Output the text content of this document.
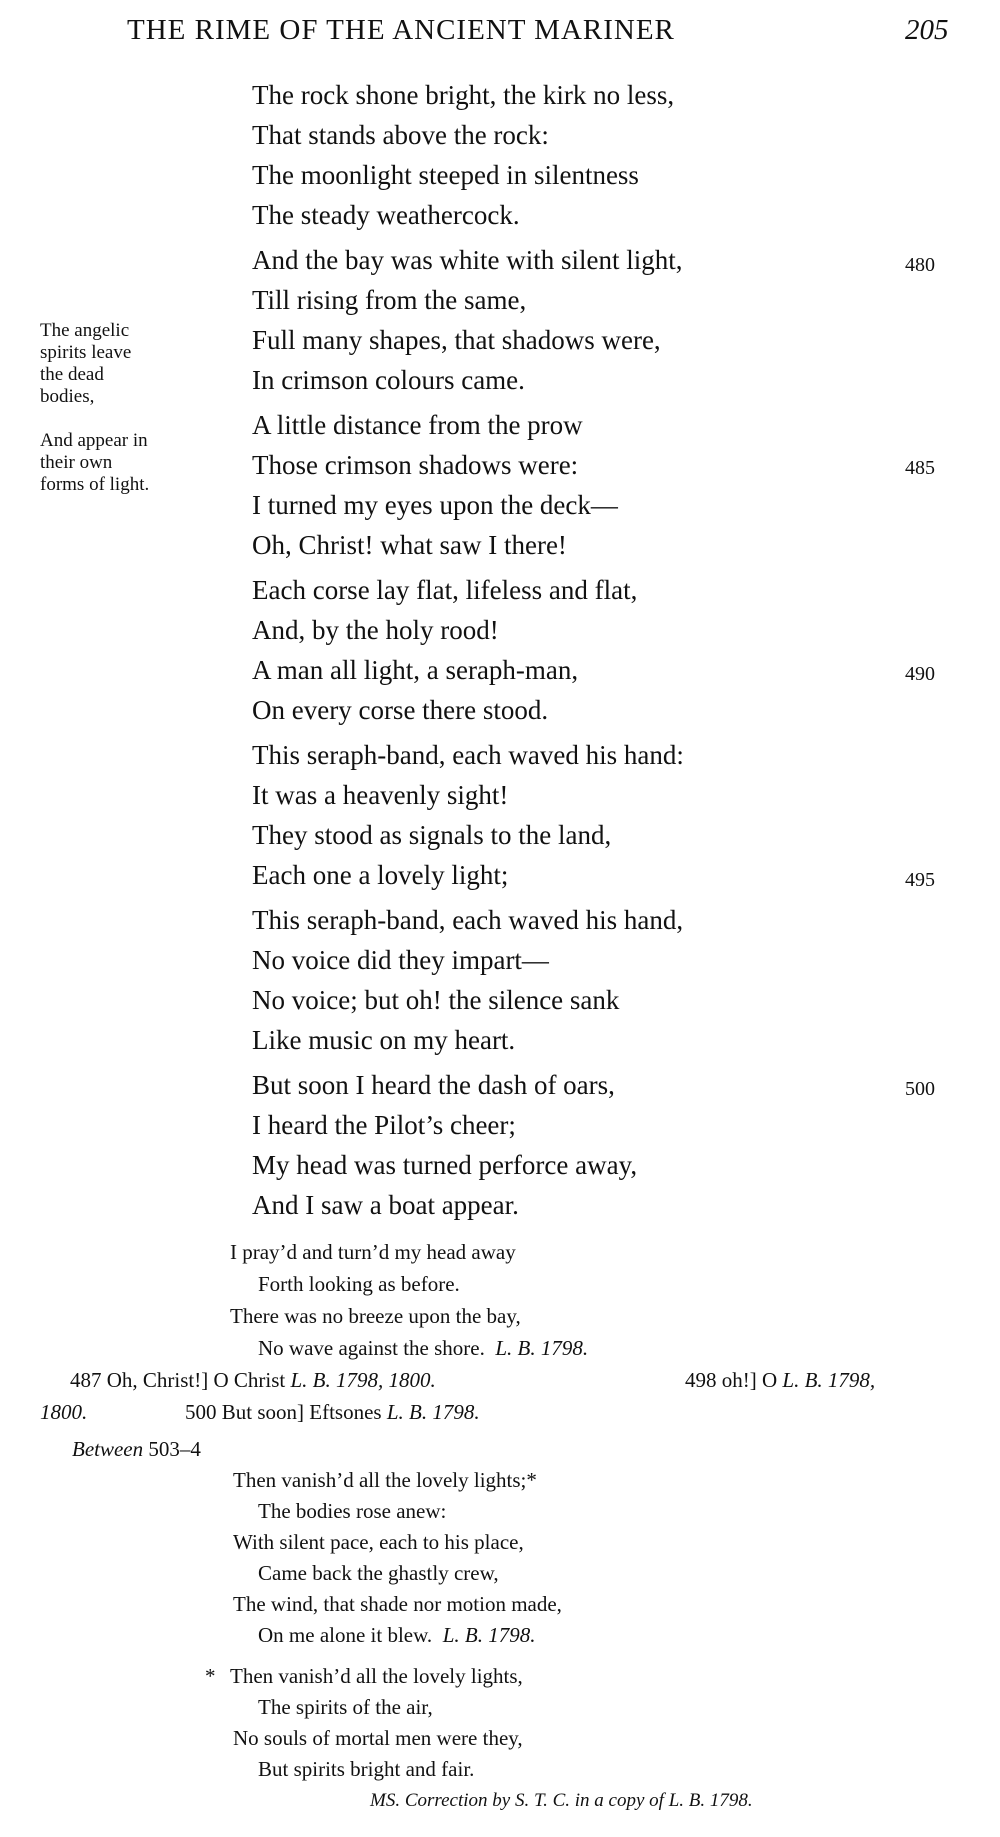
THE RIME OF THE ANCIENT MARINER	205
The angelic
spirits leave
the dead
bodies,
And appear in
their own
forms of light.
The rock shone bright, the kirk no less,
That stands above the rock:
The moonlight steeped in silentness
The steady weathercock.
And the bay was white with silent light,
Till rising from the same,
Full many shapes, that shadows were,
In crimson colours came.
A little distance from the prow
Those crimson shadows were:
I turned my eyes upon the deck—
Oh, Christ! what saw I there!
Each corse lay flat, lifeless and flat,
And, by the holy rood!
A man all light, a seraph-man,
On every corse there stood.
This seraph-band, each waved his hand:
It was a heavenly sight!
They stood as signals to the land,
Each one a lovely light;
This seraph-band, each waved his hand,
No voice did they impart—
No voice; but oh! the silence sank
Like music on my heart.
But soon I heard the dash of oars,
I heard the Pilot’s cheer;
My head was turned perforce away,
And I saw a boat appear.
480
485
490
495
500
I pray’d and turn’d my head away
Forth looking as before.
There was no breeze upon the bay,
No wave against the shore. L. B. 1798.
487 Oh, Christ!] O Christ L. B. 1798, 1800.	498 oh!] O L. B. 1798,
1800.	500 But soon] Eftsones L. B. 1798.
Between 503–4
Then vanish’d all the lovely lights;*
The bodies rose anew:
With silent pace, each to his place,
Came back the ghastly crew,
The wind, that shade nor motion made,
On me alone it blew. L. B. 1798.
* Then vanish’d all the lovely lights,
The spirits of the air,
No souls of mortal men were they,
But spirits bright and fair.
MS. Correction by S. T. C. in a copy of L. B. 1798.
